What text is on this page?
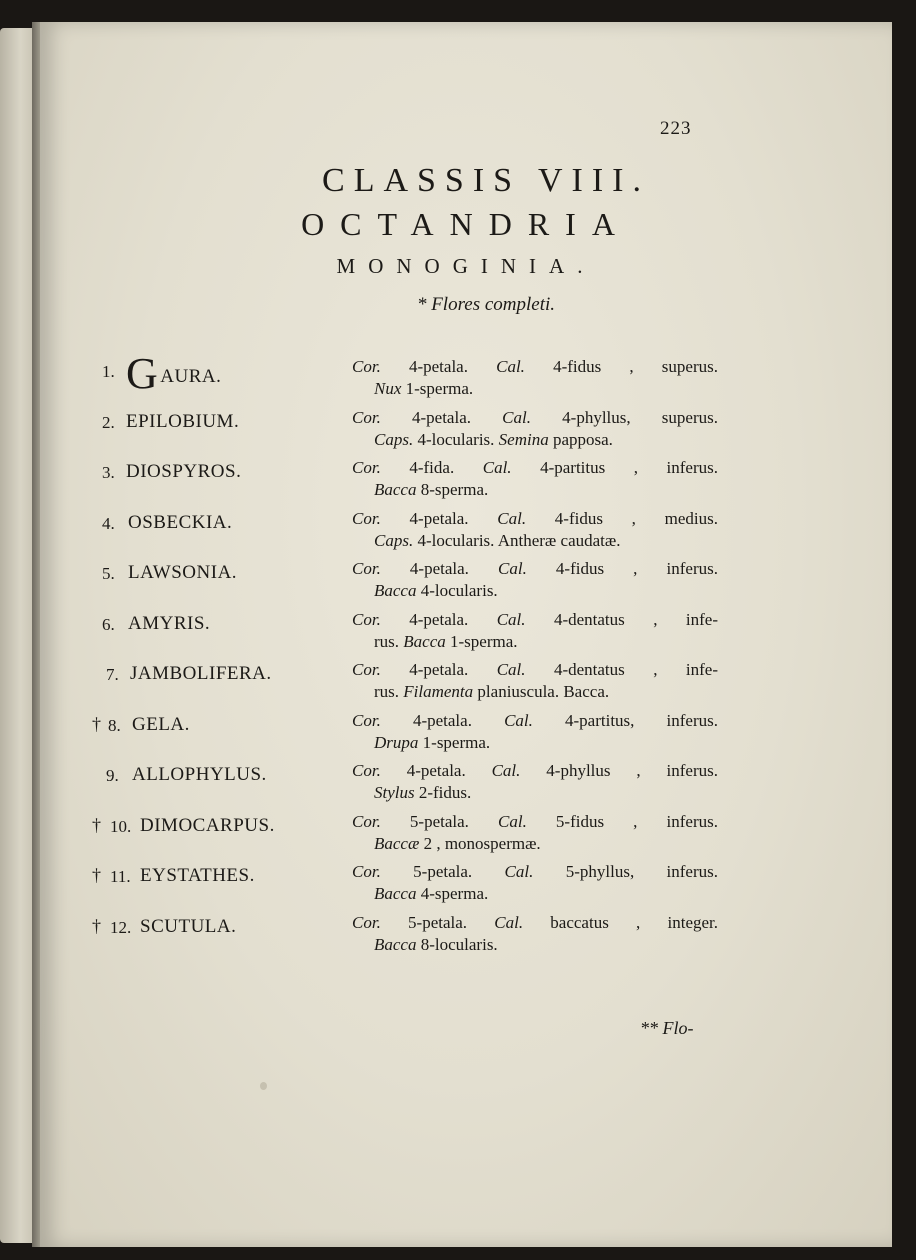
223
CLASSIS VIII.
OCTANDRIA
MONOGINIA.
* Flores completi.
1. GAURA.	Cor. 4-petala. Cal. 4-fidus , superus.
Nux 1-sperma.
2. EPILOBIUM.	Cor. 4-petala. Cal. 4-phyllus, superus.
Caps. 4-locularis. Semina papposa.
3. DIOSPYROS.	Cor. 4-fida. Cal. 4-partitus , inferus.
Bacca 8-sperma.
4. OSBECKIA.	Cor. 4-petala. Cal. 4-fidus , medius.
Caps. 4-locularis. Antheræ caudatæ.
5. LAWSONIA.	Cor. 4-petala. Cal. 4-fidus , inferus.
Bacca 4-locularis.
6. AMYRIS.	Cor. 4-petala. Cal. 4-dentatus , infe-
rus. Bacca 1-sperma.
7. JAMBOLIFERA.	Cor. 4-petala. Cal. 4-dentatus , infe-
rus. Filamenta planiuscula. Bacca.
† 8. GELA.	Cor. 4-petala. Cal. 4-partitus, inferus.
Drupa 1-sperma.
9. ALLOPHYLUS.	Cor. 4-petala. Cal. 4-phyllus , inferus.
Stylus 2-fidus.
† 10. DIMOCARPUS.	Cor. 5-petala. Cal. 5-fidus , inferus.
Baccæ 2 , monospermæ.
† 11. EYSTATHES.	Cor. 5-petala. Cal. 5-phyllus, inferus.
Bacca 4-sperma.
† 12. SCUTULA.	Cor. 5-petala. Cal. baccatus , integer.
Bacca 8-locularis.
** Flo-
